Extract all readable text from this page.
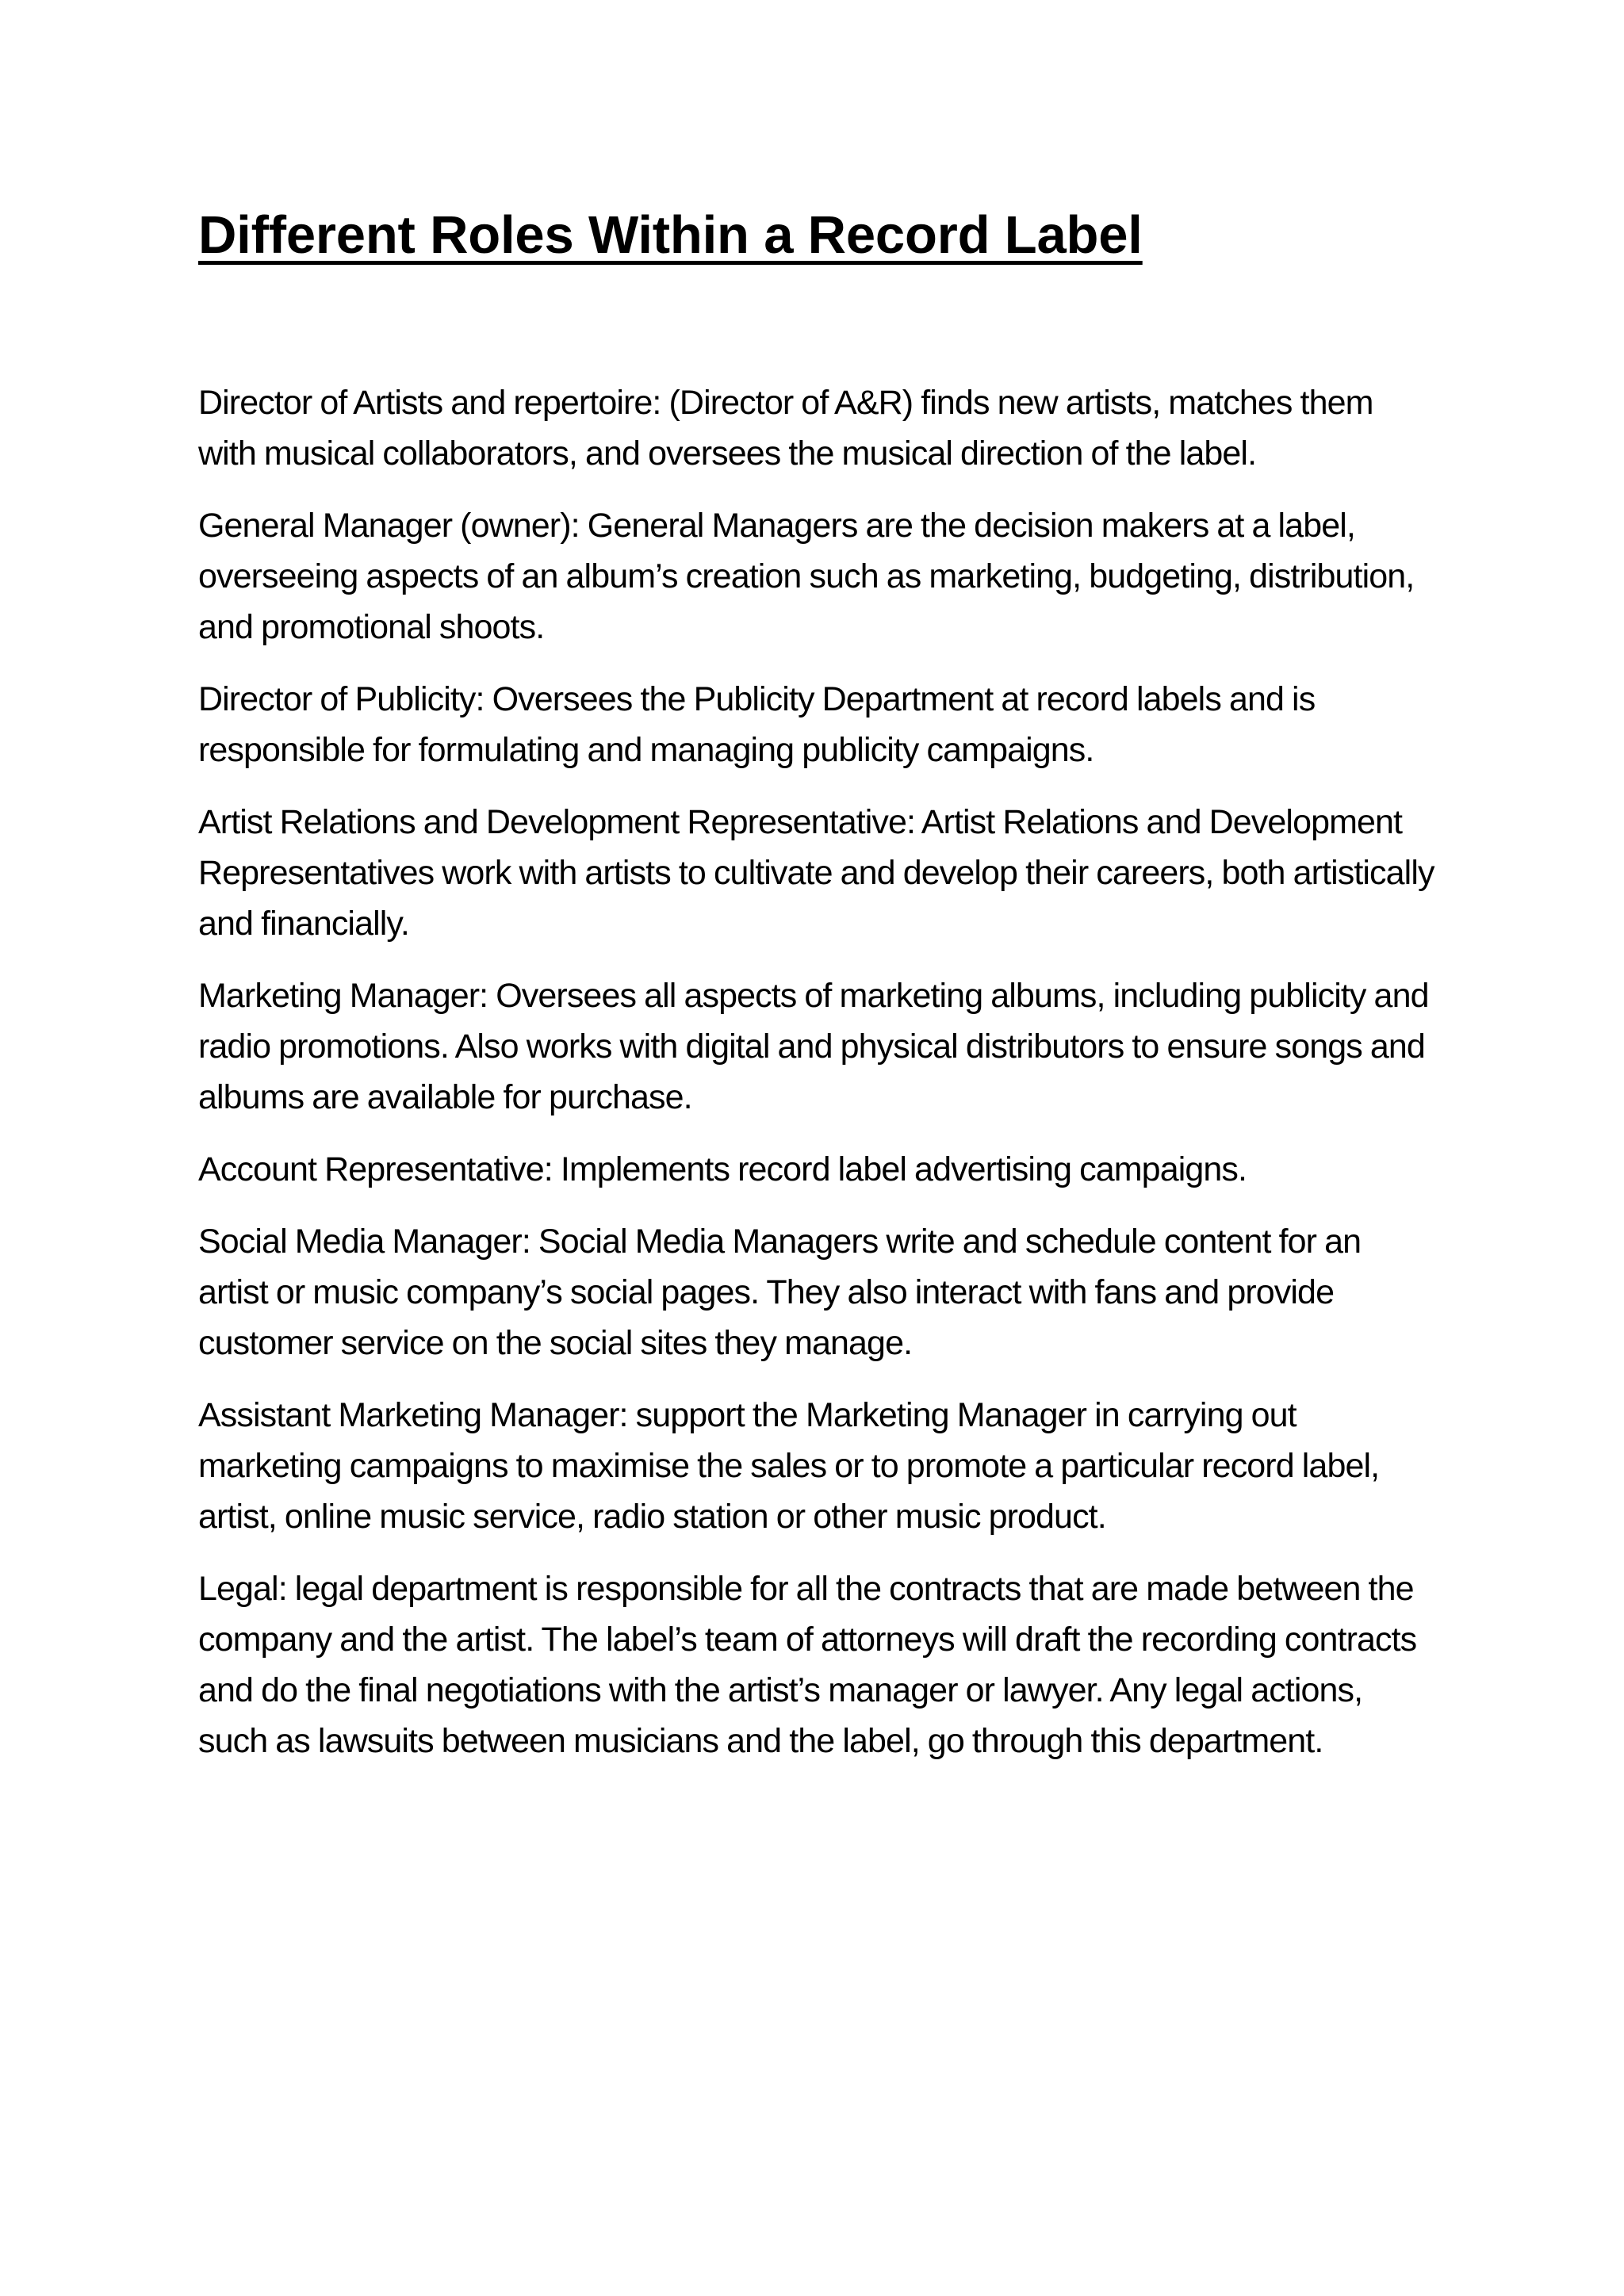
Different Roles Within a Record Label

Director of Artists and repertoire: (Director of A&R) finds new artists, matches them with musical collaborators, and oversees the musical direction of the label.

General Manager (owner): General Managers are the decision makers at a label, overseeing aspects of an album’s creation such as marketing, budgeting, distribution, and promotional shoots.

Director of Publicity: Oversees the Publicity Department at record labels and is responsible for formulating and managing publicity campaigns.

Artist Relations and Development Representative: Artist Relations and Development Representatives work with artists to cultivate and develop their careers, both artistically and financially.

Marketing Manager: Oversees all aspects of marketing albums, including publicity and radio promotions. Also works with digital and physical distributors to ensure songs and albums are available for purchase.

Account Representative: Implements record label advertising campaigns.

Social Media Manager: Social Media Managers write and schedule content for an artist or music company’s social pages. They also interact with fans and provide customer service on the social sites they manage.

Assistant Marketing Manager: support the Marketing Manager in carrying out marketing campaigns to maximise the sales or to promote a particular record label, artist, online music service, radio station or other music product.

Legal: legal department is responsible for all the contracts that are made between the company and the artist. The label’s team of attorneys will draft the recording contracts and do the final negotiations with the artist’s manager or lawyer. Any legal actions, such as lawsuits between musicians and the label, go through this department.
